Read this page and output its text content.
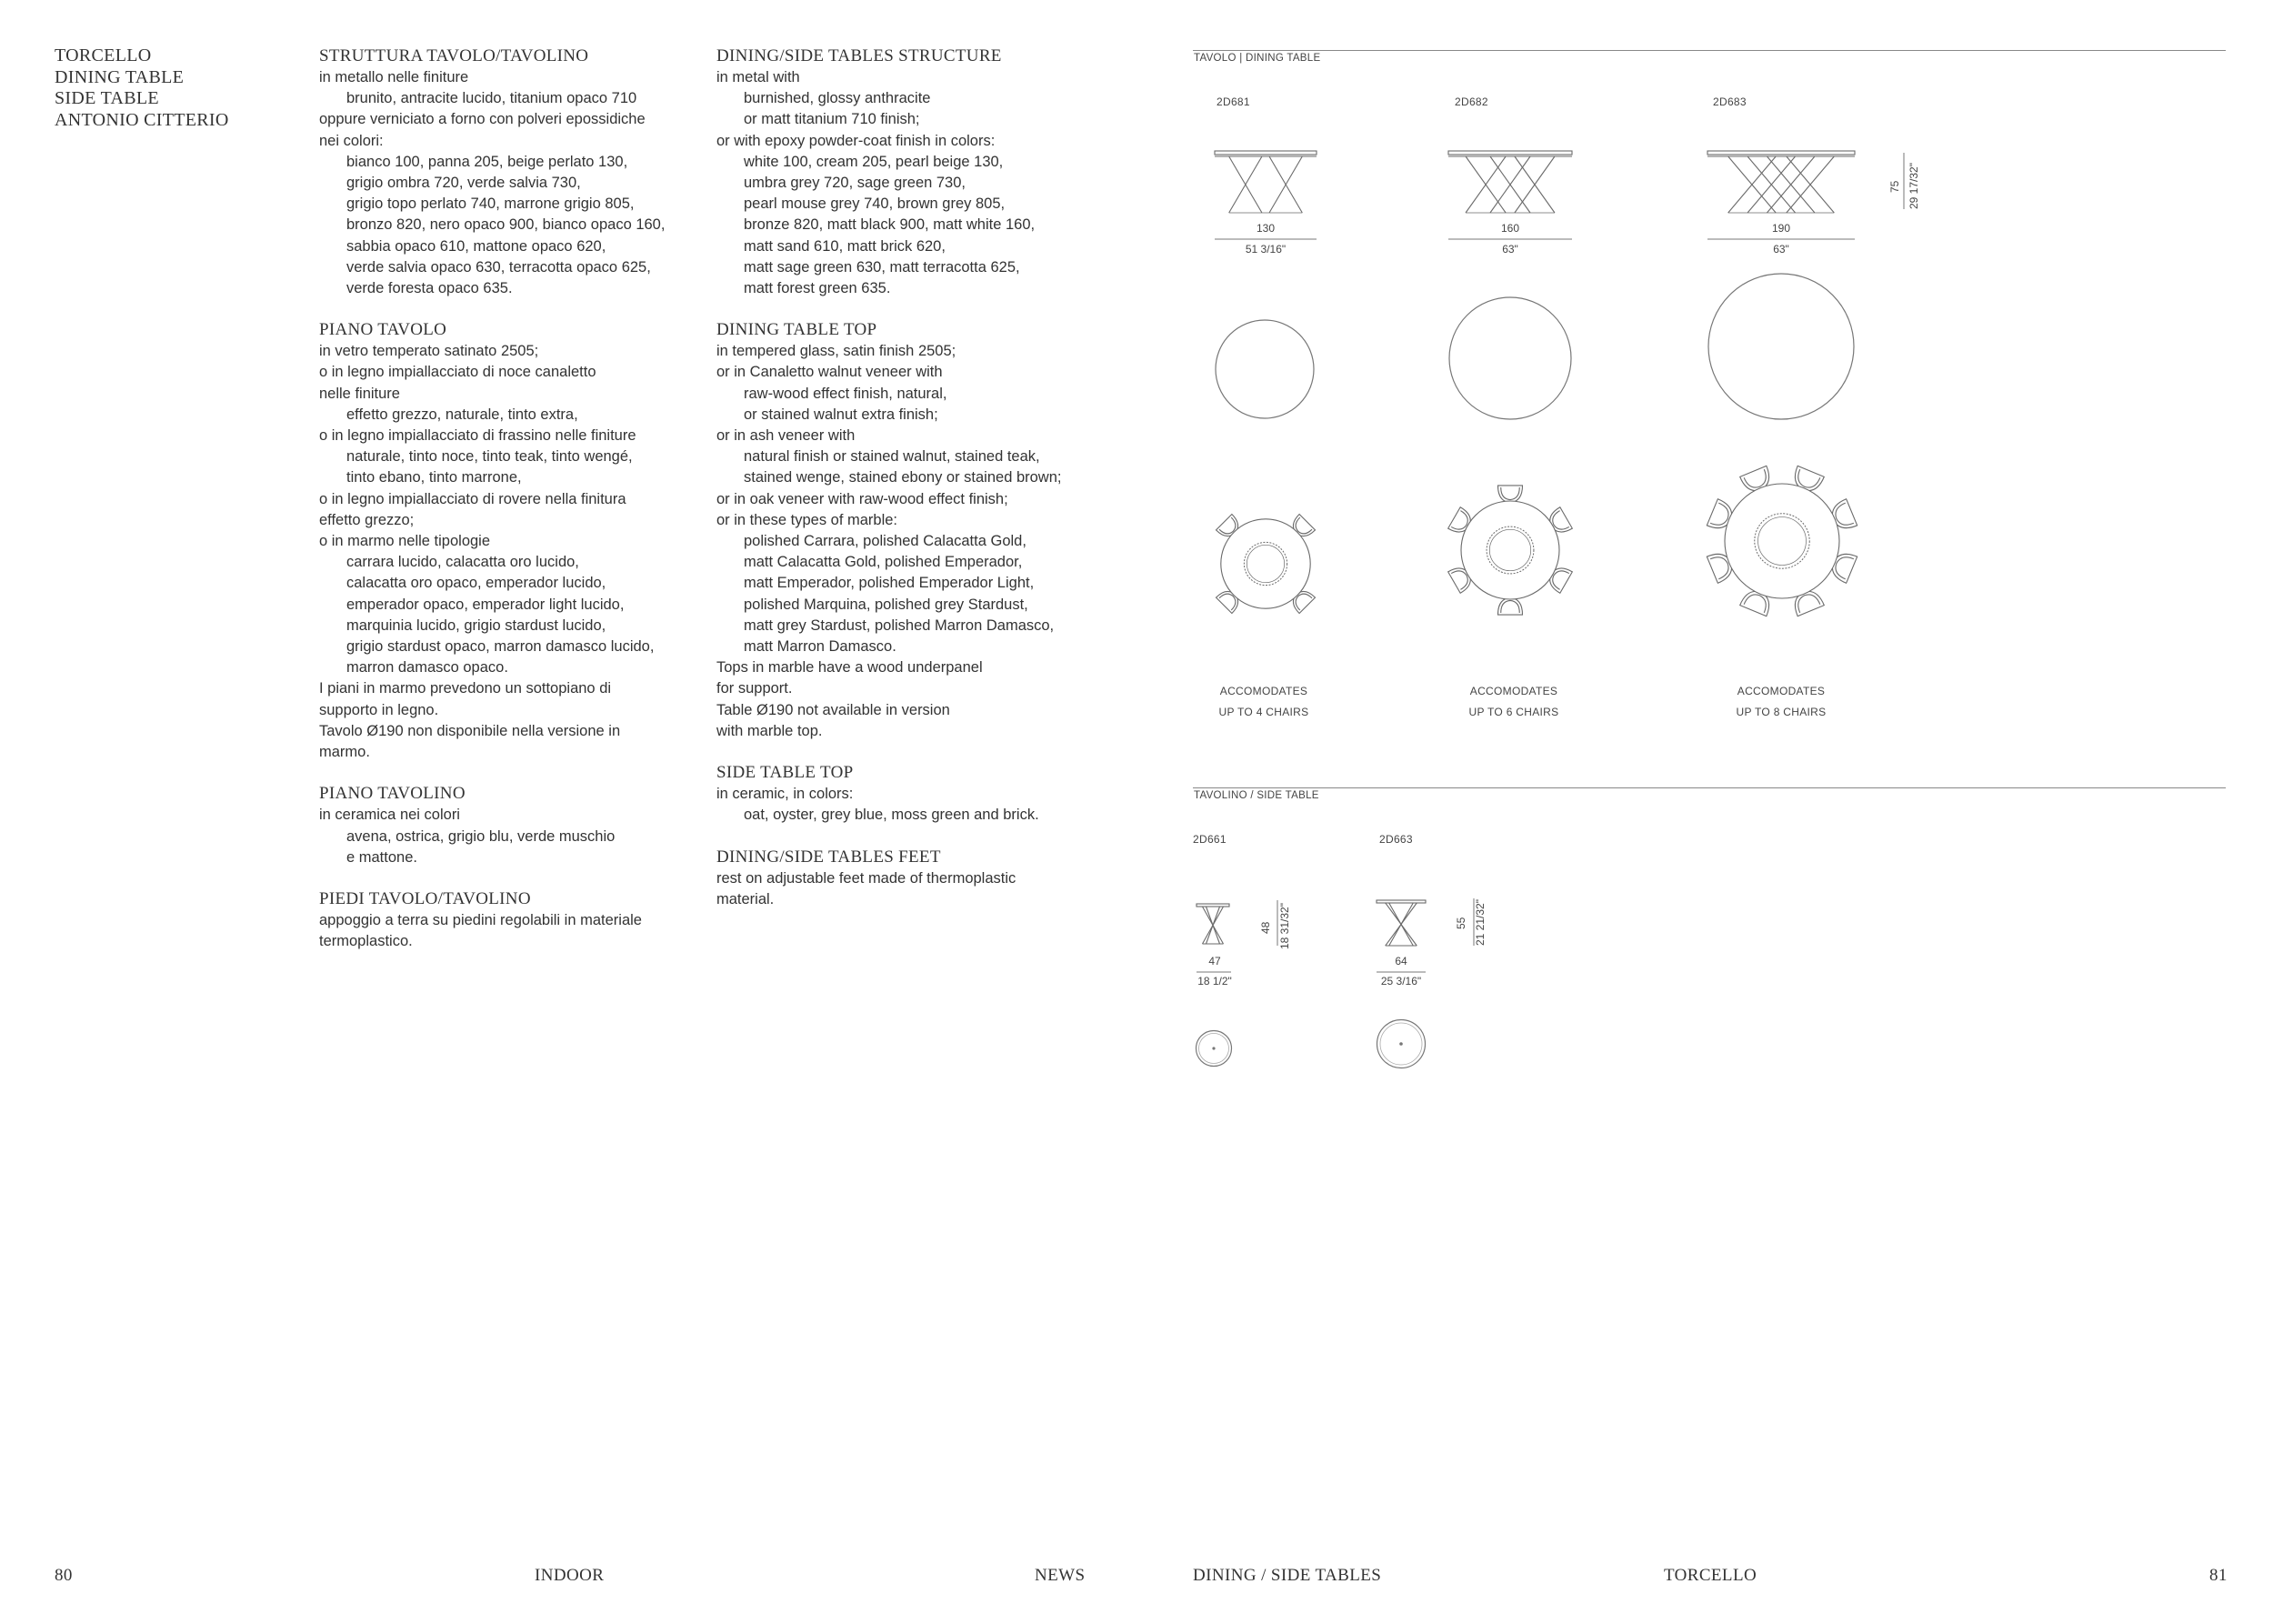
TORCELLO
DINING TABLE
SIDE TABLE
ANTONIO CITTERIO
STRUTTURA TAVOLO/TAVOLINO

in metallo nelle finiture

brunito, antracite lucido, titanium opaco 710

oppure verniciato a forno con polveri epossidiche

nei colori:

bianco 100, panna 205, beige perlato 130,

grigio ombra 720, verde salvia 730,

grigio topo perlato 740, marrone grigio 805,

bronzo 820, nero opaco 900, bianco opaco 160,

sabbia opaco 610, mattone opaco 620,

verde salvia opaco 630, terracotta opaco 625,

verde foresta opaco 635.

PIANO TAVOLO

in vetro temperato satinato 2505;

o in legno impiallacciato di noce canaletto

nelle finiture

effetto grezzo, naturale, tinto extra,

o in legno impiallacciato di frassino nelle finiture

naturale, tinto noce, tinto teak, tinto wengé,

tinto ebano, tinto marrone,

o in legno impiallacciato di rovere nella finitura

effetto grezzo;

o in marmo nelle tipologie

carrara lucido, calacatta oro lucido,

calacatta oro opaco, emperador lucido,

emperador opaco, emperador light lucido,

marquinia lucido, grigio stardust lucido,

grigio stardust opaco, marron damasco lucido,

marron damasco opaco.

I piani in marmo prevedono un sottopiano di

supporto in legno.

Tavolo Ø190 non disponibile nella versione in

marmo.

PIANO TAVOLINO

in ceramica nei colori

avena, ostrica, grigio blu, verde muschio

e mattone.

PIEDI TAVOLO/TAVOLINO

appoggio a terra su piedini regolabili in materiale

termoplastico.

DINING/SIDE TABLES STRUCTURE

in metal with

burnished, glossy anthracite

or matt titanium 710 finish;

or with epoxy powder-coat finish in colors:

white 100, cream 205, pearl beige 130,

umbra grey 720, sage green 730,

pearl mouse grey 740, brown grey 805,

bronze 820, matt black 900, matt white 160,

matt sand 610, matt brick 620,

matt sage green 630, matt terracotta 625,

matt forest green 635.

DINING TABLE TOP

in tempered glass, satin finish 2505;

or in Canaletto walnut veneer with

raw-wood effect finish, natural,

or stained walnut extra finish;

or in ash veneer with

natural finish or stained walnut, stained teak,

stained wenge, stained ebony or stained brown;

or in oak veneer with raw-wood effect finish;

or in these types of marble:

polished Carrara, polished Calacatta Gold,

matt Calacatta Gold, polished Emperador,

matt Emperador, polished Emperador Light,

polished Marquina, polished grey Stardust,

matt grey Stardust, polished Marron Damasco,

matt Marron Damasco.

Tops in marble have a wood underpanel

for support.

Table Ø190 not available in version

with marble top.

SIDE TABLE TOP

in ceramic, in colors:

oat, oyster, grey blue, moss green and brick.

DINING/SIDE TABLES FEET

rest on adjustable feet made of thermoplastic

material.

TAVOLO | DINING TABLE
2D681	2D682	2D683
75 29 17/32"
130
51 3/16"
160
63"
190
63"
ACCOMODATES
UP TO 4 CHAIRS
ACCOMODATES
UP TO 6 CHAIRS
ACCOMODATES
UP TO 8 CHAIRS
TAVOLINO / SIDE TABLE
2D661	2D663
48 18 31/32"	55 21 21/32"
47
18 1/2"
64
25 3/16"
80	INDOOR	NEWS	DINING / SIDE TABLES	TORCELLO	81
